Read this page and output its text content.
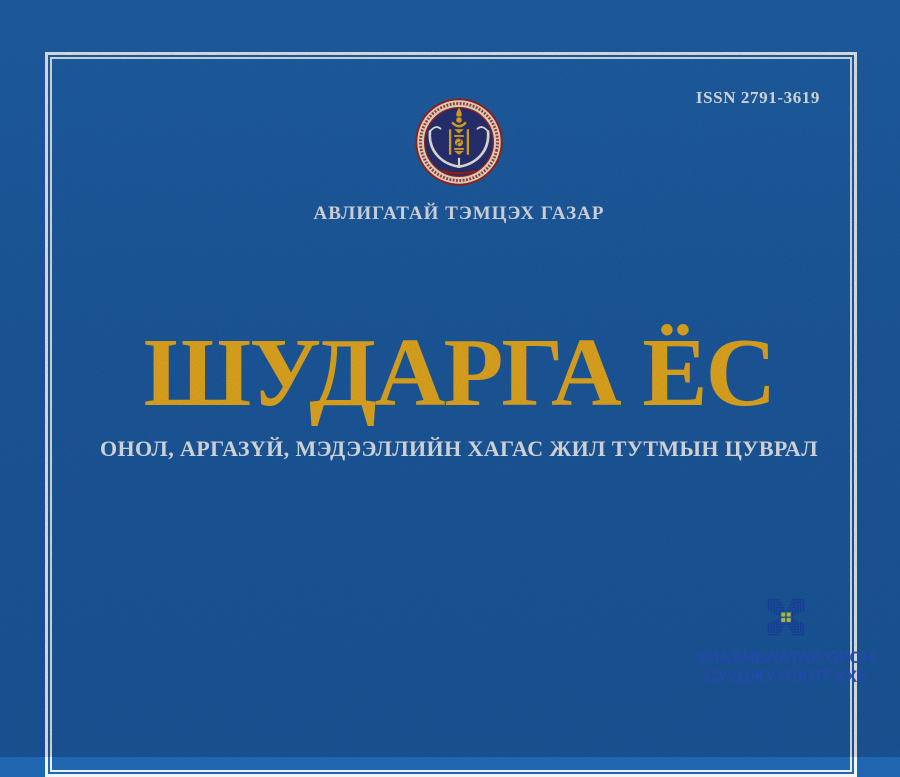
ISSN 2791-3619
АВЛИГАТАЙ ТЭМЦЭХ ГАЗАР
ШУДАРГА ЁС
ОНОЛ, АРГАЗҮЙ, МЭДЭЭЛЛИЙН ХАГАС ЖИЛ ТУТМЫН ЦУВРАЛ
УЛААНБААТАР ОРОН
СУУЦЖУУЛАЛТ ХХК
